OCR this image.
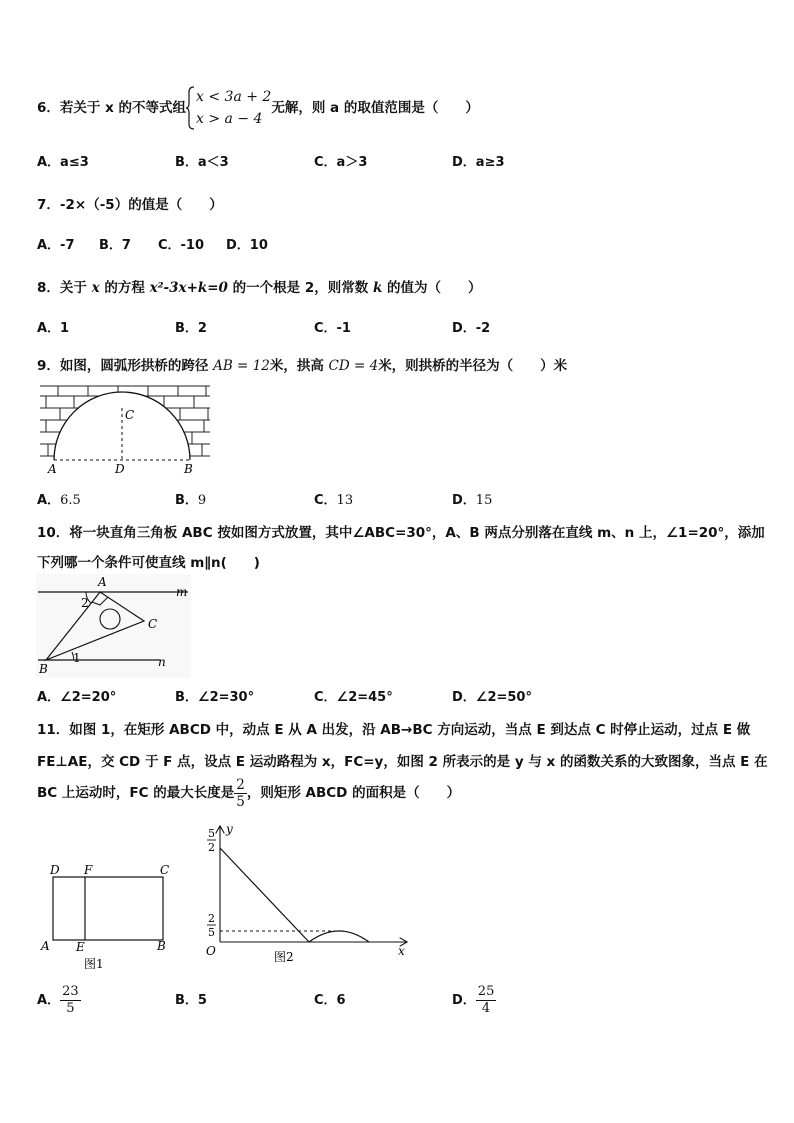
6．若关于 x 的不等式组
x < 3a + 2
x > a − 4
无解，则 a 的取值范围是（　　）
A．a≤3	B．a＜3	C．a＞3	D．a≥3
7．-2×（-5）的值是（　　）
A．-7 B．7 C．-10 D．10
8．关于 x 的方程 x²-3x+k=0 的一个根是 2，则常数 k 的值为（　　）
A．1	B．2	C．-1	D．-2
9．如图，圆弧形拱桥的跨径 AB = 12米，拱高 CD = 4米，则拱桥的半径为（　　）米
A	D	B
C
A．6.5	B．9	C．13	D．15
10．将一块直角三角板 ABC 按如图方式放置，其中∠ABC=30°，A、B 两点分别落在直线 m、n 上，∠1=20°，添加
下列哪一个条件可使直线 m∥n(　　)
A
m
2
C
1
B	n
A．∠2=20°	B．∠2=30°	C．∠2=45°	D．∠2=50°
11．如图 1，在矩形 ABCD 中，动点 E 从 A 出发，沿 AB→BC 方向运动，当点 E 到达点 C 时停止运动，过点 E 做
FE⊥AE，交 CD 于 F 点，设点 E 运动路程为 x，FC=y，如图 2 所表示的是 y 与 x 的函数关系的大致图象，当点 E 在
BC 上运动时，FC 的最大长度是 $\frac{2}{5}$ ，则矩形 ABCD 的面积是（　　）
D F	C
A E	B
图1
y
x
O
5
2
2
5
图2
A． $\frac{23}{5}$	B．5	C．6	D． $\frac{25}{4}$
